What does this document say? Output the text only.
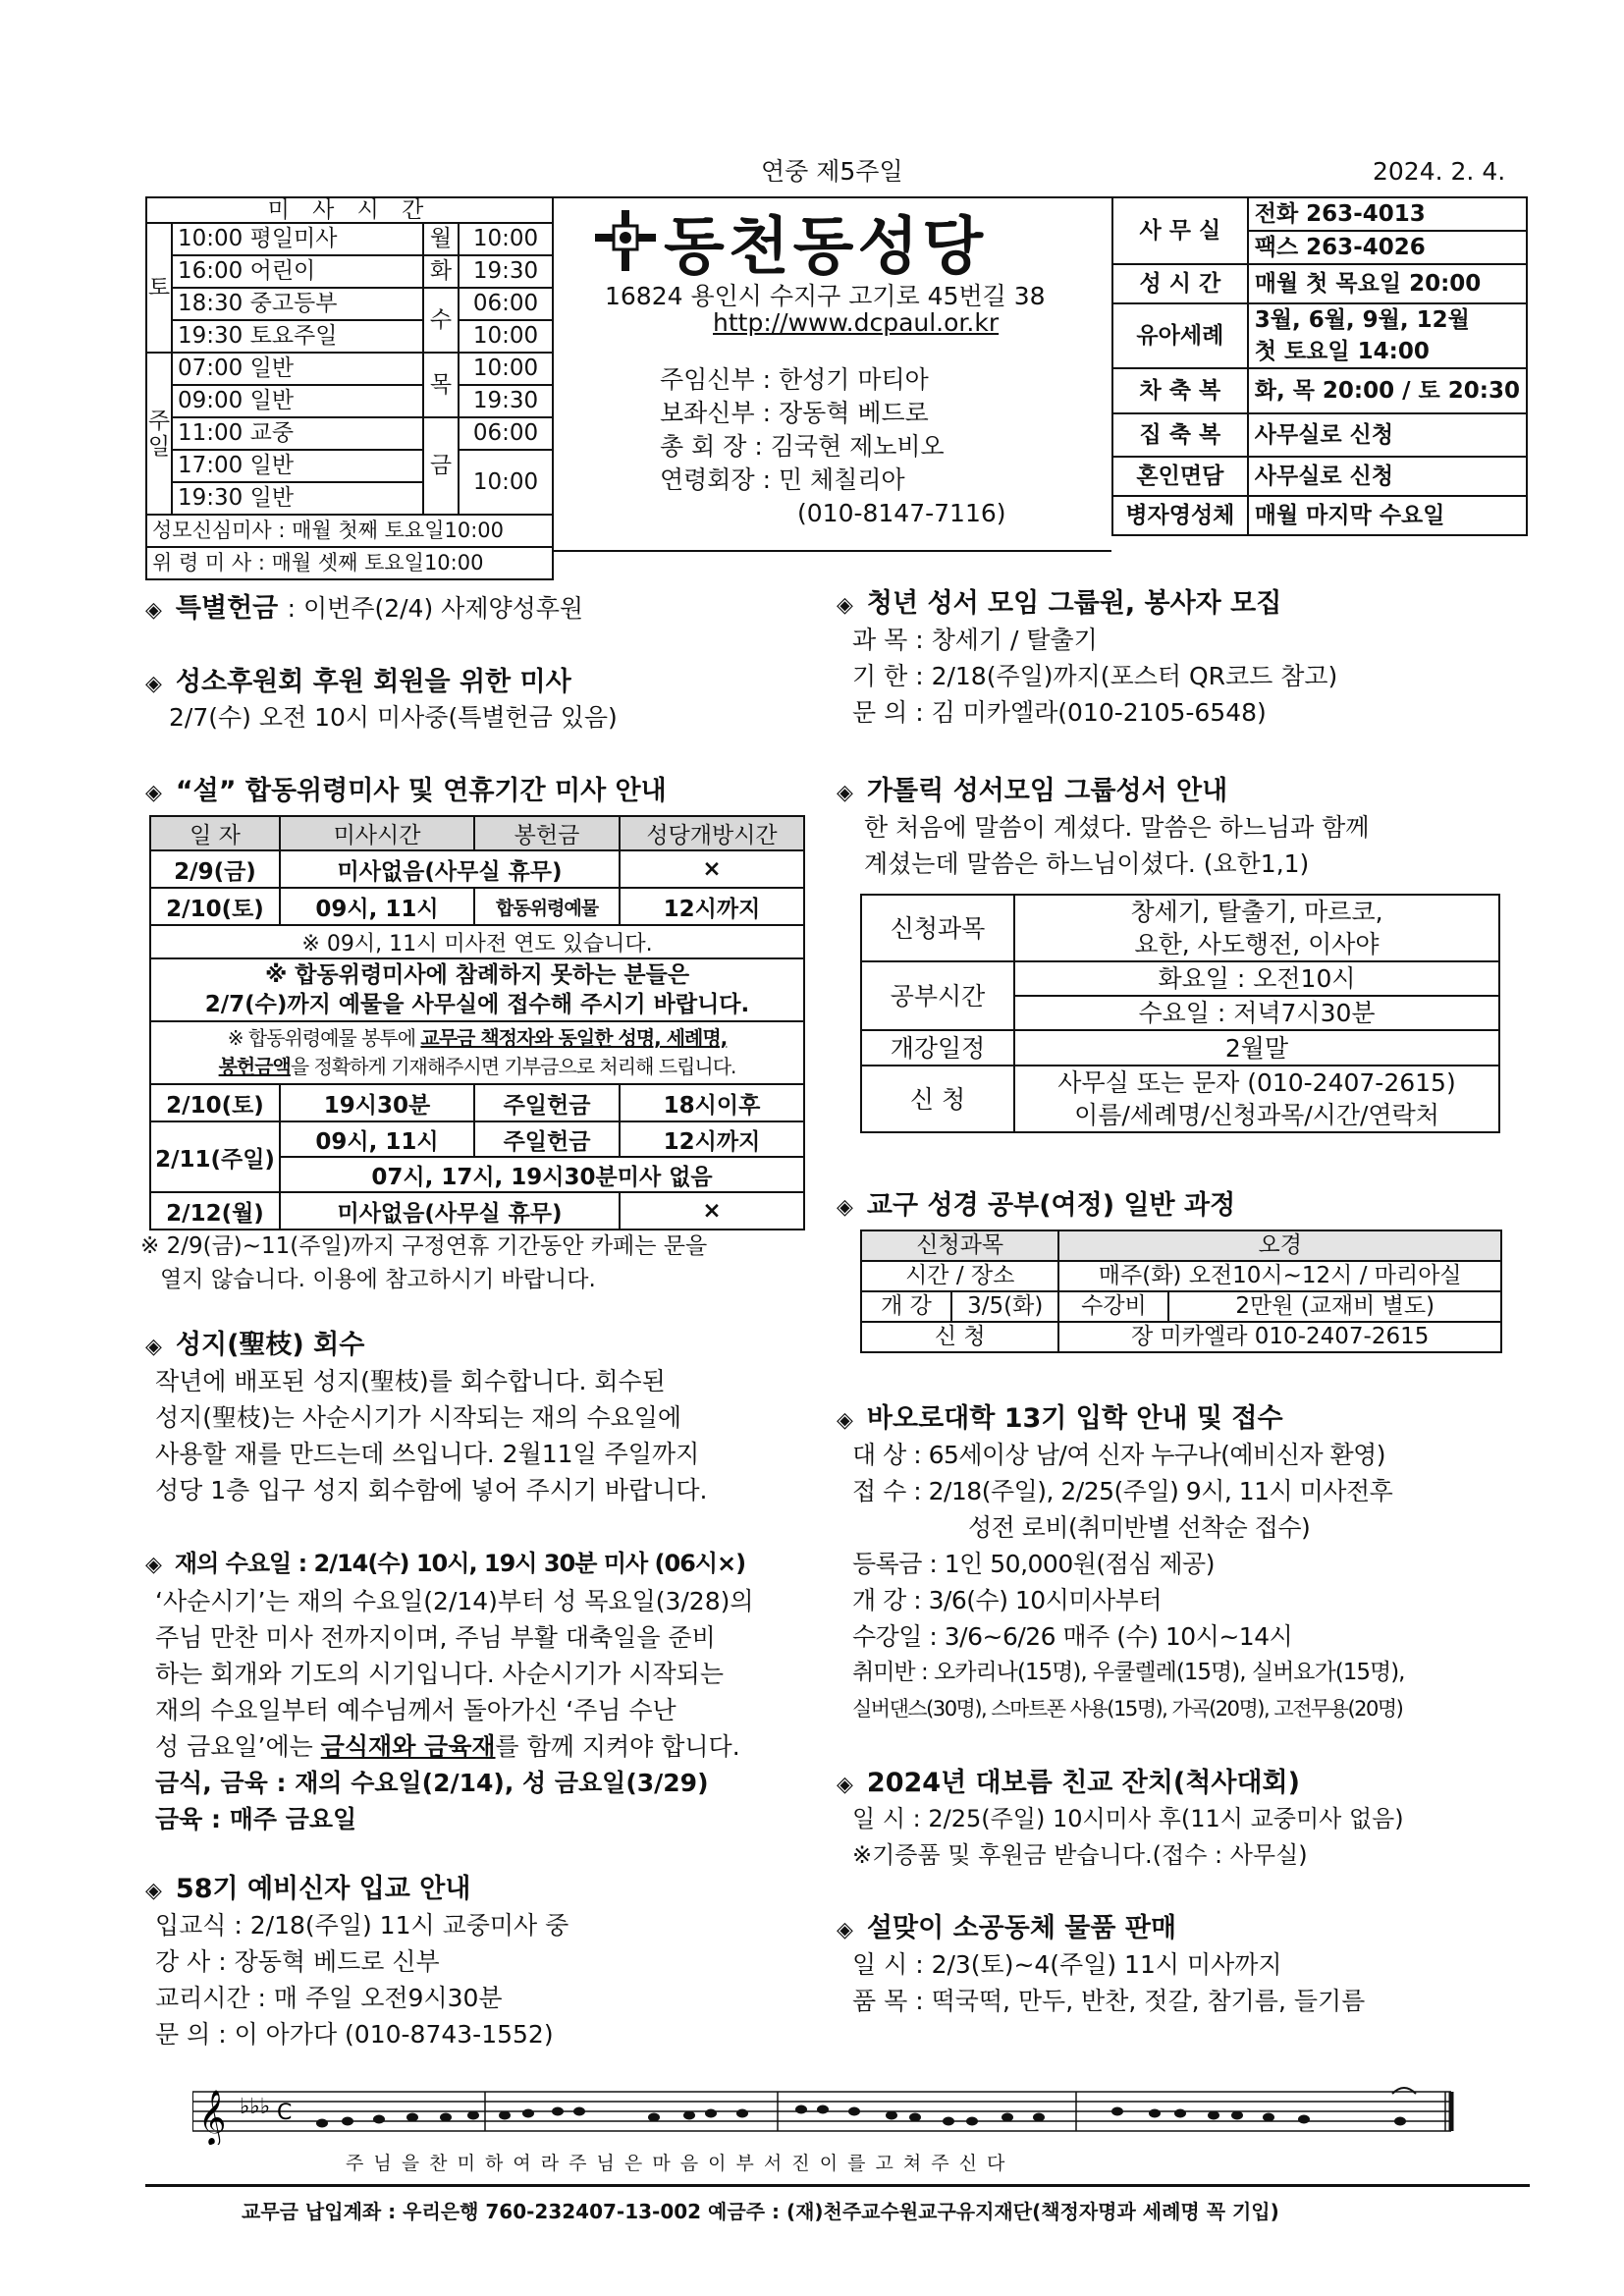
연중 제5주일	2024. 2. 4.
미 사 시 간			
토	10:00 평일미사	월	10:00
	16:00 어린이	화	19:30
	18:30 중고등부	수	06:00
	19:30 토요주일		10:00
주일	07:00 일반	목	10:00
	09:00 일반		19:30
	11:00 교중	금	06:00
	17:00 일반		10:00
	19:30 일반		
성모신심미사 : 매월 첫째 토요일10:00			
위 령 미 사 : 매월 셋째 토요일10:00			
동천동성당
16824 용인시 수지구 고기로 45번길 38
http://www.dcpaul.or.kr
주임신부 : 한성기 마티아
보좌신부 : 장동혁 베드로
총 회 장 : 김국현 제노비오
연령회장 : 민 체칠리아
(010-8147-7116)
사 무 실	전화 263-4013
	팩스 263-4026
성 시 간	매월 첫 목요일 20:00
유아세례	3월, 6월, 9월, 12월
	첫 토요일 14:00
차 축 복	화, 목 20:00 / 토 20:30
집 축 복	사무실로 신청
혼인면담	사무실로 신청
병자영성체	매월 마지막 수요일
◈ 특별헌금 : 이번주(2/4) 사제양성후원
◈ 성소후원회 후원 회원을 위한 미사
2/7(수) 오전 10시 미사중(특별헌금 있음)
◈ “설” 합동위령미사 및 연휴기간 미사 안내
일 자	미사시간	봉헌금	성당개방시간
2/9(금)	미사없음(사무실 휴무)		×
2/10(토)	09시, 11시	합동위령예물	12시까지
※ 09시, 11시 미사전 연도 있습니다.			

※ 합동위령미사에 참례하지 못하는 분들은
2/7(수)까지 예물을 사무실에 접수해 주시기 바랍니다.			

※ 합동위령예물 봉투에 교무금 책정자와 동일한 성명, 세례명,
봉헌금액을 정확하게 기재해주시면 기부금으로 처리해 드립니다.			
2/10(토)	19시30분	주일헌금	18시이후
2/11(주일)	09시, 11시	주일헌금	12시까지
	07시, 17시, 19시30분미사 없음		
2/12(월)	미사없음(사무실 휴무)		×
※ 2/9(금)~11(주일)까지 구정연휴 기간동안 카페는 문을
열지 않습니다. 이용에 참고하시기 바랍니다.
◈ 성지(聖枝) 회수
작년에 배포된 성지(聖枝)를 회수합니다. 회수된
성지(聖枝)는 사순시기가 시작되는 재의 수요일에
사용할 재를 만드는데 쓰입니다. 2월11일 주일까지
성당 1층 입구 성지 회수함에 넣어 주시기 바랍니다.
◈ 재의 수요일 : 2/14(수) 10시, 19시 30분 미사 (06시×)
‘사순시기’는 재의 수요일(2/14)부터 성 목요일(3/28)의
주님 만찬 미사 전까지이며, 주님 부활 대축일을 준비
하는 회개와 기도의 시기입니다. 사순시기가 시작되는
재의 수요일부터 예수님께서 돌아가신 ‘주님 수난
성 금요일’에는 금식재와 금육재를 함께 지켜야 합니다.
금식, 금육 : 재의 수요일(2/14), 성 금요일(3/29)
금육 : 매주 금요일
◈ 58기 예비신자 입교 안내
입교식 : 2/18(주일) 11시 교중미사 중
강 사 : 장동혁 베드로 신부
교리시간 : 매 주일 오전9시30분
문 의 : 이 아가다 (010-8743-1552)
◈ 청년 성서 모임 그룹원, 봉사자 모집
과 목 : 창세기 / 탈출기
기 한 : 2/18(주일)까지(포스터 QR코드 참고)
문 의 : 김 미카엘라(010-2105-6548)
◈ 가톨릭 성서모임 그룹성서 안내
한 처음에 말씀이 계셨다. 말씀은 하느님과 함께
계셨는데 말씀은 하느님이셨다. (요한1,1)
신청과목	창세기, 탈출기, 마르코,
	요한, 사도행전, 이사야
공부시간	화요일 : 오전10시
	수요일 : 저녁7시30분
개강일정	2월말
신 청	사무실 또는 문자 (010-2407-2615)
	이름/세례명/신청과목/시간/연락처
◈ 교구 성경 공부(여정) 일반 과정
신청과목		오경	
시간 / 장소		매주(화) 오전10시~12시 / 마리아실	
개 강	3/5(화)	수강비	2만원 (교재비 별도)
신 청		장 미카엘라 010-2407-2615	
◈ 바오로대학 13기 입학 안내 및 접수
대 상 : 65세이상 남/여 신자 누구나(예비신자 환영)
접 수 : 2/18(주일), 2/25(주일) 9시, 11시 미사전후
성전 로비(취미반별 선착순 접수)
등록금 : 1인 50,000원(점심 제공)
개 강 : 3/6(수) 10시미사부터
수강일 : 3/6~6/26 매주 (수) 10시~14시
취미반 : 오카리나(15명), 우쿨렐레(15명), 실버요가(15명),
실버댄스(30명), 스마트폰 사용(15명), 가곡(20명), 고전무용(20명)
◈ 2024년 대보름 친교 잔치(척사대회)
일 시 : 2/25(주일) 10시미사 후(11시 교중미사 없음)
※기증품 및 후원금 받습니다.(접수 : 사무실)
◈ 설맞이 소공동체 물품 판매
일 시 : 2/3(토)~4(주일) 11시 미사까지
품 목 : 떡국떡, 만두, 반찬, 젓갈, 참기름, 들기름
𝄞 ♭♭♭ C
주 님 을 찬 미 하 여 라 주 님 은 마 음 이 부 서 진 이 를 고 쳐 주 신 다
교무금 납입계좌 : 우리은행 760-232407-13-002 예금주 : (재)천주교수원교구유지재단(책정자명과 세례명 꼭 기입)
